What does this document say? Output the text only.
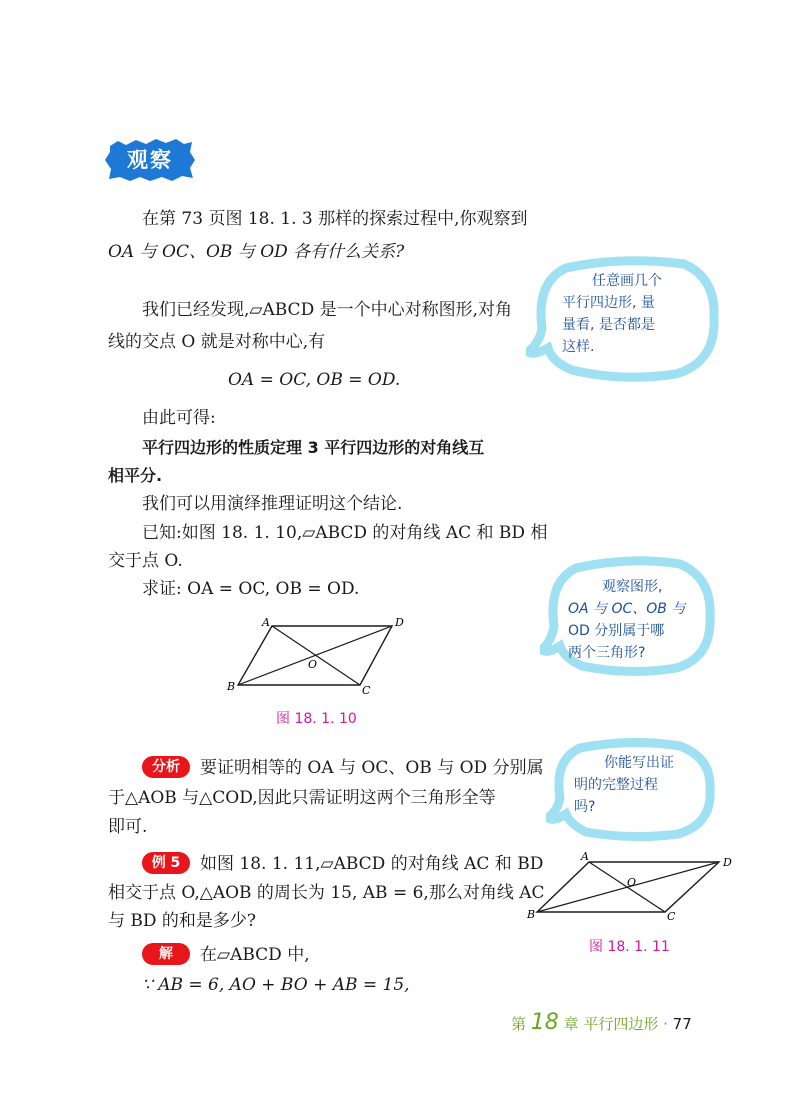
观察
在第 73 页图 18. 1. 3 那样的探索过程中,你观察到
OA 与 OC、OB 与 OD 各有什么关系?
我们已经发现,▱ABCD 是一个中心对称图形,对角
线的交点 O 就是对称中心,有
OA = OC, OB = OD.
由此可得:
平行四边形的性质定理 3 平行四边形的对角线互
相平分.
我们可以用演绎推理证明这个结论.
已知:如图 18. 1. 10,▱ABCD 的对角线 AC 和 BD 相
交于点 O.
求证: OA = OC, OB = OD.
A	D
B	C
O
图 18. 1. 10
分析	要证明相等的 OA 与 OC、OB 与 OD 分别属
于△AOB 与△COD,因此只需证明这两个三角形全等
即可.
例 5	如图 18. 1. 11,▱ABCD 的对角线 AC 和 BD
相交于点 O,△AOB 的周长为 15, AB = 6,那么对角线 AC
与 BD 的和是多少?
解	在▱ABCD 中,
∵ AB = 6, AO + BO + AB = 15,
A	D
B	C
O
图 18. 1. 11
任意画几个
平行四边形, 量
量看, 是否都是
这样.
观察图形,
OA 与 OC、OB 与
OD 分别属于哪
两个三角形?
你能写出证
明的完整过程
吗?
第 18 章 平行四边形 · 77
